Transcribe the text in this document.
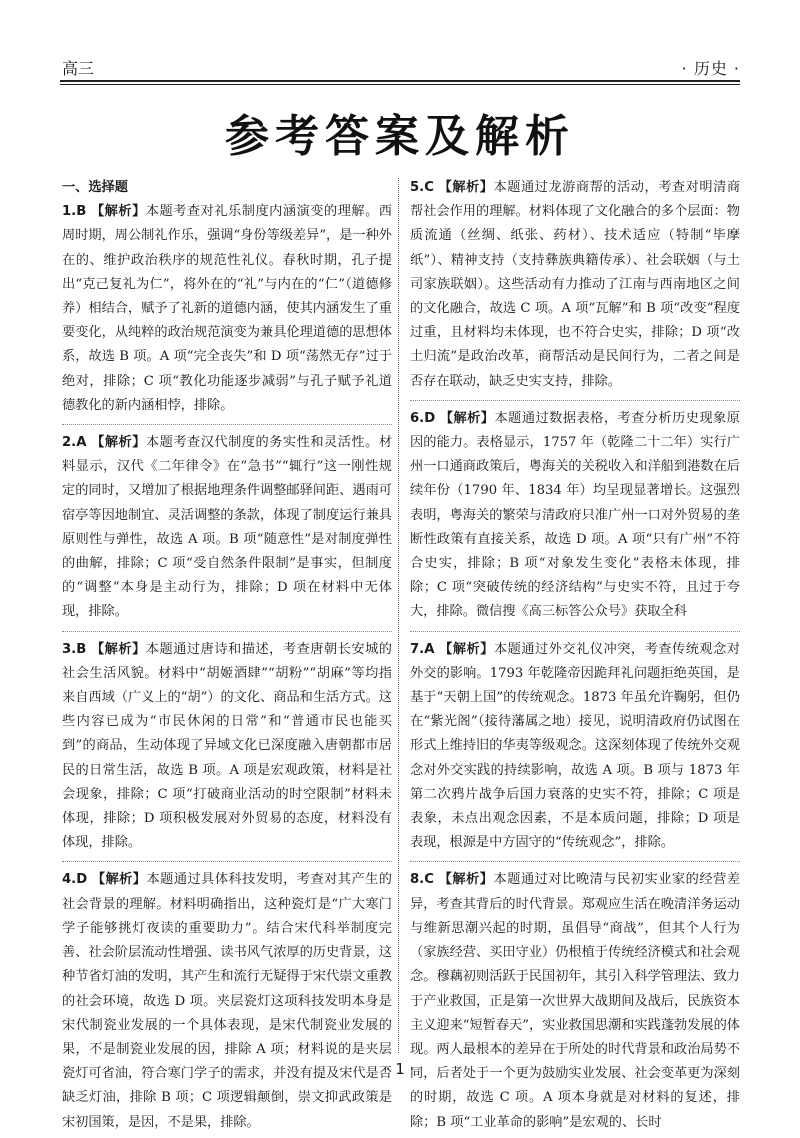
高三	· 历史 ·
参考答案及解析

一、选择题

1.B 【解析】本题考查对礼乐制度内涵演变的理解。西周时期，周公制礼作乐，强调“身份等级差异”，是一种外在的、维护政治秩序的规范性礼仪。春秋时期，孔子提出“克己复礼为仁”，将外在的“礼”与内在的“仁”（道德修养）相结合，赋予了礼新的道德内涵，使其内涵发生了重要变化，从纯粹的政治规范演变为兼具伦理道德的思想体系，故选 B 项。A 项“完全丧失”和 D 项“荡然无存”过于绝对，排除；C 项“教化功能逐步减弱”与孔子赋予礼道德教化的新内涵相悖，排除。

2.A 【解析】本题考查汉代制度的务实性和灵活性。材料显示，汉代《二年律令》在“急书”“辄行”这一刚性规定的同时，又增加了根据地理条件调整邮驿间距、遇雨可宿亭等因地制宜、灵活调整的条款，体现了制度运行兼具原则性与弹性，故选 A 项。B 项“随意性”是对制度弹性的曲解，排除；C 项“受自然条件限制”是事实，但制度的“调整”本身是主动行为，排除；D 项在材料中无体现，排除。

3.B 【解析】本题通过唐诗和描述，考查唐朝长安城的社会生活风貌。材料中“胡姬酒肆”“胡粉”“胡麻”等均指来自西域（广义上的“胡”）的文化、商品和生活方式。这些内容已成为“市民休闲的日常”和“普通市民也能买到”的商品，生动体现了异域文化已深度融入唐朝都市居民的日常生活，故选 B 项。A 项是宏观政策，材料是社会现象，排除；C 项“打破商业活动的时空限制”材料未体现，排除；D 项积极发展对外贸易的态度，材料没有体现，排除。

4.D 【解析】本题通过具体科技发明，考查对其产生的社会背景的理解。材料明确指出，这种瓷灯是“广大寒门学子能够挑灯夜读的重要助力”。结合宋代科举制度完善、社会阶层流动性增强、读书风气浓厚的历史背景，这种节省灯油的发明，其产生和流行无疑得于宋代崇文重教的社会环境，故选 D 项。夹层瓷灯这项科技发明本身是宋代制瓷业发展的一个具体表现，是宋代制瓷业发展的果，不是制瓷业发展的因，排除 A 项；材料说的是夹层瓷灯可省油，符合寒门学子的需求，并没有提及宋代是否缺乏灯油，排除 B 项；C 项逻辑颠倒，崇文抑武政策是宋初国策，是因，不是果，排除。

5.C 【解析】本题通过龙游商帮的活动，考查对明清商帮社会作用的理解。材料体现了文化融合的多个层面：物质流通（丝绸、纸张、药材）、技术适应（特制“毕摩纸”）、精神支持（支持彝族典籍传承）、社会联姻（与土司家族联姻）。这些活动有力推动了江南与西南地区之间的文化融合，故选 C 项。A 项“瓦解”和 B 项“改变”程度过重，且材料均未体现，也不符合史实，排除；D 项“改土归流”是政治改革，商帮活动是民间行为，二者之间是否存在联动，缺乏史实支持，排除。

6.D 【解析】本题通过数据表格，考查分析历史现象原因的能力。表格显示，1757 年（乾隆二十二年）实行广州一口通商政策后，粤海关的关税收入和洋船到港数在后续年份（1790 年、1834 年）均呈现显著增长。这强烈表明，粤海关的繁荣与清政府只准广州一口对外贸易的垄断性政策有直接关系，故选 D 项。A 项“只有广州”不符合史实，排除；B 项“对象发生变化”表格未体现，排除；C 项“突破传统的经济结构”与史实不符，且过于夸大，排除。微信搜《高三标答公众号》获取全科

7.A 【解析】本题通过外交礼仪冲突，考查传统观念对外交的影响。1793 年乾隆帝因跪拜礼问题拒绝英国，是基于“天朝上国”的传统观念。1873 年虽允许鞠躬，但仍在“紫光阁”（接待藩属之地）接见，说明清政府仍试图在形式上维持旧的华夷等级观念。这深刻体现了传统外交观念对外交实践的持续影响，故选 A 项。B 项与 1873 年第二次鸦片战争后国力衰落的史实不符，排除；C 项是表象，未点出观念因素，不是本质问题，排除；D 项是表现，根源是中方固守的“传统观念”，排除。

8.C 【解析】本题通过对比晚清与民初实业家的经营差异，考查其背后的时代背景。郑观应生活在晚清洋务运动与维新思潮兴起的时期，虽倡导“商战”，但其个人行为（家族经营、买田守业）仍根植于传统经济模式和社会观念。穆藕初则活跃于民国初年，其引入科学管理法、致力于产业救国，正是第一次世界大战期间及战后，民族资本主义迎来“短暂春天”，实业救国思潮和实践蓬勃发展的体现。两人最根本的差异在于所处的时代背景和政治局势不同，后者处于一个更为鼓励实业发展、社会变革更为深刻的时期，故选 C 项。A 项本身就是对材料的复述，排除；B 项“工业革命的影响”是宏观的、长时

· 1 ·
